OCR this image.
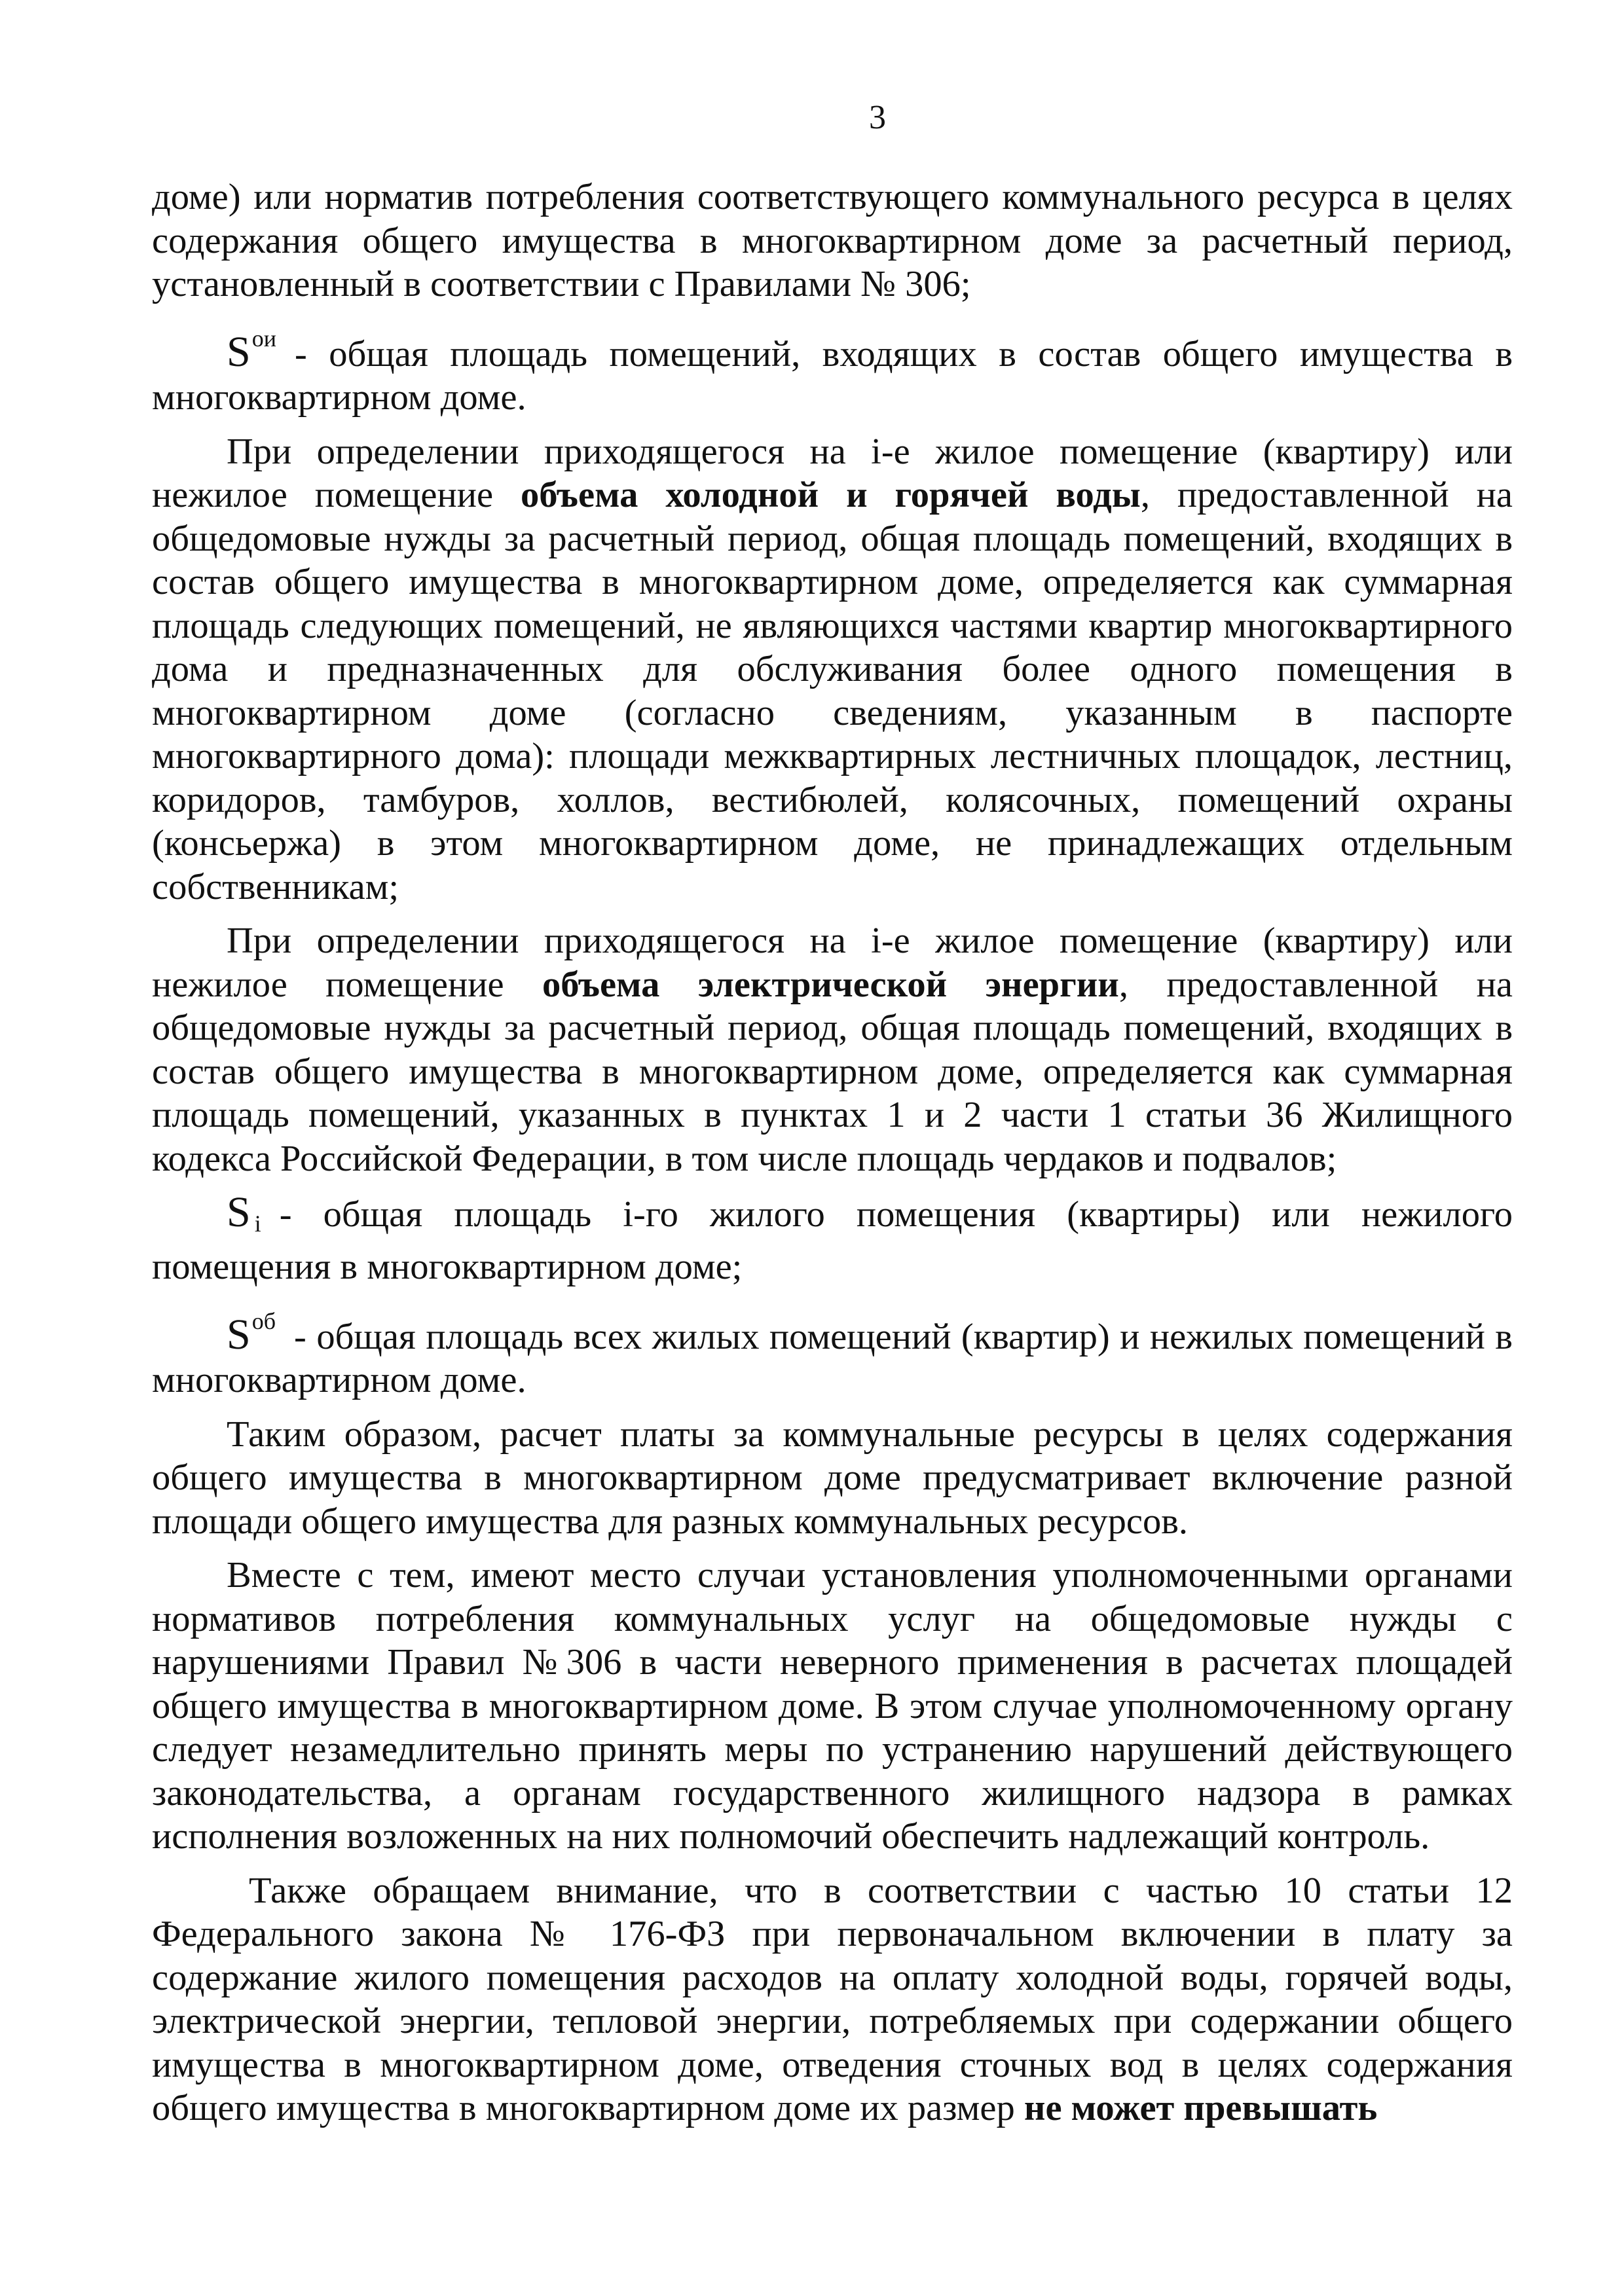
3

доме) или норматив потребления соответствующего коммунального ресурса в целях содержания общего имущества в многоквартирном доме за расчетный период, установленный в соответствии с Правилами № 306;

$S^{ои}$ - общая площадь помещений, входящих в состав общего имущества в многоквартирном доме.

При определении приходящегося на i-е жилое помещение (квартиру) или нежилое помещение объема холодной и горячей воды, предоставленной на общедомовые нужды за расчетный период, общая площадь помещений, входящих в состав общего имущества в многоквартирном доме, определяется как суммарная площадь следующих помещений, не являющихся частями квартир многоквартирного дома и предназначенных для обслуживания более одного помещения в многоквартирном доме (согласно сведениям, указанным в паспорте многоквартирного дома): площади межквартирных лестничных площадок, лестниц, коридоров, тамбуров, холлов, вестибюлей, колясочных, помещений охраны (консьержа) в этом многоквартирном доме, не принадлежащих отдельным собственникам;

При определении приходящегося на i-е жилое помещение (квартиру) или нежилое помещение объема электрической энергии, предоставленной на общедомовые нужды за расчетный период, общая площадь помещений, входящих в состав общего имущества в многоквартирном доме, определяется как суммарная площадь помещений, указанных в пунктах 1 и 2 части 1 статьи 36 Жилищного кодекса Российской Федерации, в том числе площадь чердаков и подвалов;

S $_i$ - общая площадь i-го жилого помещения (квартиры) или нежилого помещения в многоквартирном доме;

$S^{об}$ - общая площадь всех жилых помещений (квартир) и нежилых помещений в многоквартирном доме.

Таким образом, расчет платы за коммунальные ресурсы в целях содержания общего имущества в многоквартирном доме предусматривает включение разной площади общего имущества для разных коммунальных ресурсов.

Вместе с тем, имеют место случаи установления уполномоченными органами нормативов потребления коммунальных услуг на общедомовые нужды с нарушениями Правил №306 в части неверного применения в расчетах площадей общего имущества в многоквартирном доме. В этом случае уполномоченному органу следует незамедлительно принять меры по устранению нарушений действующего законодательства, а органам государственного жилищного надзора в рамках исполнения возложенных на них полномочий обеспечить надлежащий контроль.

Также обращаем внимание, что в соответствии с частью 10 статьи 12 Федерального закона № 176-ФЗ при первоначальном включении в плату за содержание жилого помещения расходов на оплату холодной воды, горячей воды, электрической энергии, тепловой энергии, потребляемых при содержании общего имущества в многоквартирном доме, отведения сточных вод в целях содержания общего имущества в многоквартирном доме их размер не может превышать
